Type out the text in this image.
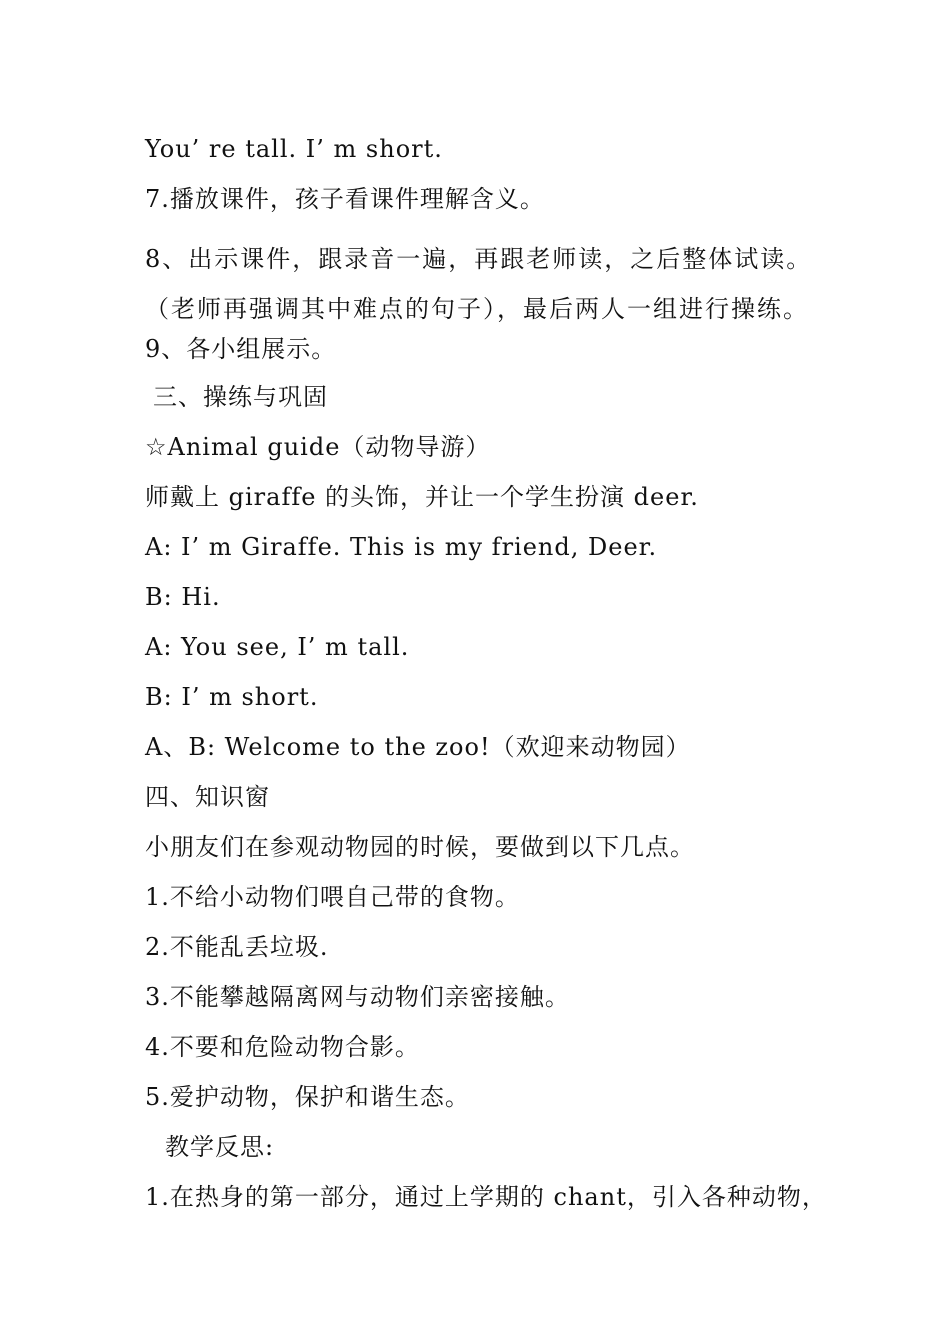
You’ re tall. I’ m short.
7.播放课件，孩子看课件理解含义。
8、出示课件，跟录音一遍，再跟老师读，之后整体试读。（老师再强调其中难点的句子），最后两人一组进行操练。
9、各小组展示。
三、操练与巩固
☆Animal guide（动物导游）
师戴上 giraffe 的头饰，并让一个学生扮演 deer.
A: I’ m Giraffe. This is my friend, Deer.
B: Hi.
A: You see, I’ m tall.
B: I’ m short.
A、B: Welcome to the zoo!（欢迎来动物园）
四、知识窗
小朋友们在参观动物园的时候，要做到以下几点。
1.不给小动物们喂自己带的食物。
2.不能乱丢垃圾.
3.不能攀越隔离网与动物们亲密接触。
4.不要和危险动物合影。
5.爱护动物，保护和谐生态。
教学反思:
1.在热身的第一部分，通过上学期的 chant，引入各种动物，
